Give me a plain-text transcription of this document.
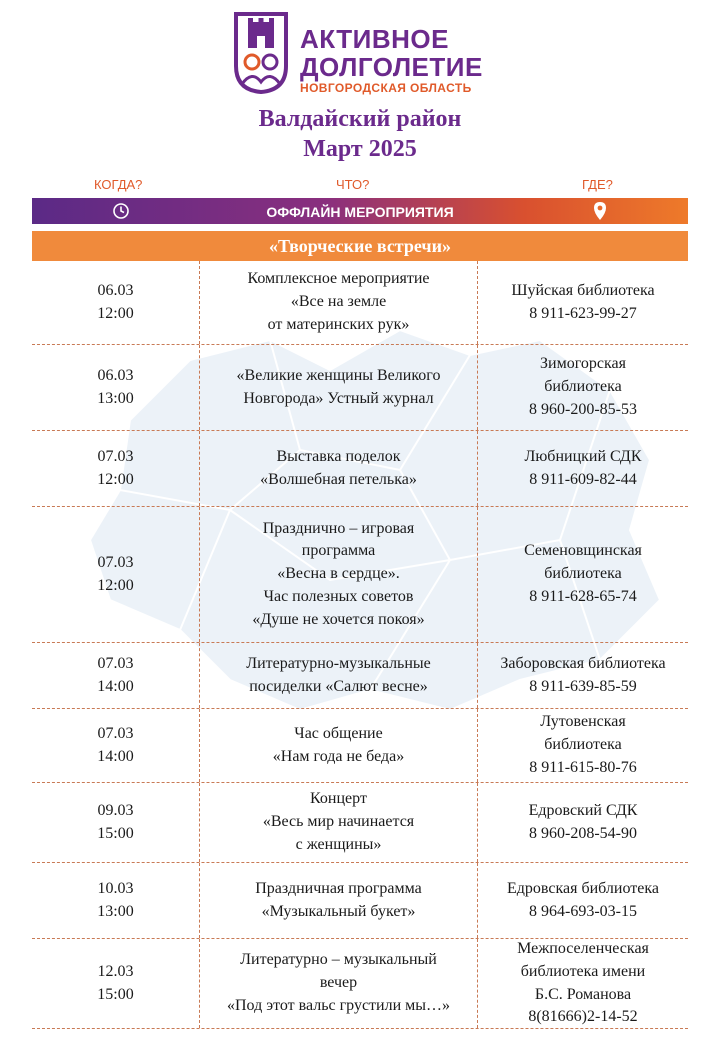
АКТИВНОЕ
ДОЛГОЛЕТИЕ
НОВГОРОДСКАЯ ОБЛАСТЬ
Валдайский район
Март 2025
КОГДА?	ЧТО?	ГДЕ?
ОФФЛАЙН МЕРОПРИЯТИЯ
«Творческие встречи»
06.03
12:00
Комплексное мероприятие
«Все на земле
от материнских рук»
Шуйская библиотека
8 911-623-99-27
06.03
13:00
«Великие женщины Великого
Новгорода» Устный журнал
Зимогорская
библиотека
8 960-200-85-53
07.03
12:00
Выставка поделок
«Волшебная петелька»
Любницкий СДК
8 911-609-82-44
07.03
12:00
Празднично – игровая
программа
«Весна в сердце».
Час полезных советов
«Душе не хочется покоя»
Семеновщинская
библиотека
8 911-628-65-74
07.03
14:00
Литературно-музыкальные
посиделки «Салют весне»
Заборовская библиотека
8 911-639-85-59
07.03
14:00
Час общение
«Нам года не беда»
Лутовенская
библиотека
8 911-615-80-76
09.03
15:00
Концерт
«Весь мир начинается
с женщины»
Едровский СДК
8 960-208-54-90
10.03
13:00
Праздничная программа
«Музыкальный букет»
Едровская библиотека
8 964-693-03-15
12.03
15:00
Литературно – музыкальный
вечер
«Под этот вальс грустили мы…»
Межпоселенческая
библиотека имени
Б.С. Романова
8(81666)2-14-52
